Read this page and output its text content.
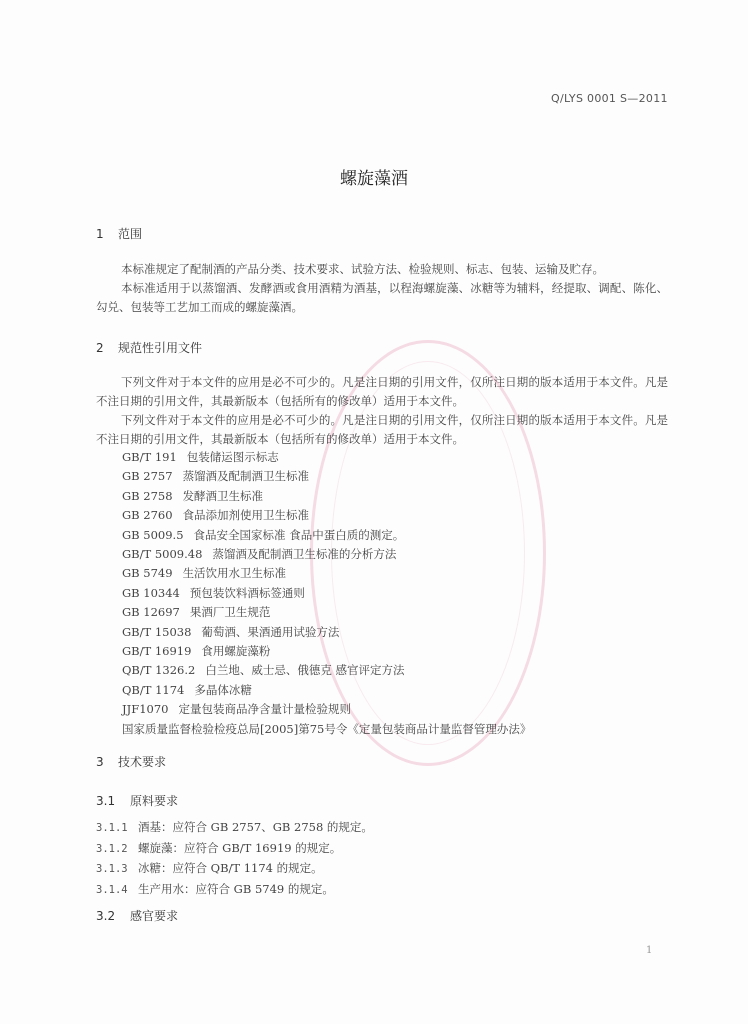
Q/LYS 0001 S—2011
螺旋藻酒
1 范围
本标准规定了配制酒的产品分类、技术要求、试验方法、检验规则、标志、包装、运输及贮存。
本标准适用于以蒸馏酒、发酵酒或食用酒精为酒基，以程海螺旋藻、冰糖等为辅料，经提取、调配、陈化、勾兑、包装等工艺加工而成的螺旋藻酒。
2 规范性引用文件
下列文件对于本文件的应用是必不可少的。凡是注日期的引用文件，仅所注日期的版本适用于本文件。凡是不注日期的引用文件，其最新版本（包括所有的修改单）适用于本文件。
下列文件对于本文件的应用是必不可少的。凡是注日期的引用文件，仅所注日期的版本适用于本文件。凡是不注日期的引用文件，其最新版本（包括所有的修改单）适用于本文件。
GB/T 191 包装储运图示标志
GB 2757 蒸馏酒及配制酒卫生标准
GB 2758 发酵酒卫生标准
GB 2760 食品添加剂使用卫生标准
GB 5009.5 食品安全国家标准 食品中蛋白质的测定。
GB/T 5009.48 蒸馏酒及配制酒卫生标准的分析方法
GB 5749 生活饮用水卫生标准
GB 10344 预包装饮料酒标签通则
GB 12697 果酒厂卫生规范
GB/T 15038 葡萄酒、果酒通用试验方法
GB/T 16919 食用螺旋藻粉
QB/T 1326.2 白兰地、威士忌、俄德克 感官评定方法
QB/T 1174 多晶体冰糖
JJF1070 定量包装商品净含量计量检验规则
国家质量监督检验检疫总局[2005]第75号令《定量包装商品计量监督管理办法》
3 技术要求
3.1 原料要求
3.1.1 酒基：应符合 GB 2757、GB 2758 的规定。
3.1.2 螺旋藻：应符合 GB/T 16919 的规定。
3.1.3 冰糖：应符合 QB/T 1174 的规定。
3.1.4 生产用水：应符合 GB 5749 的规定。
3.2 感官要求
1
